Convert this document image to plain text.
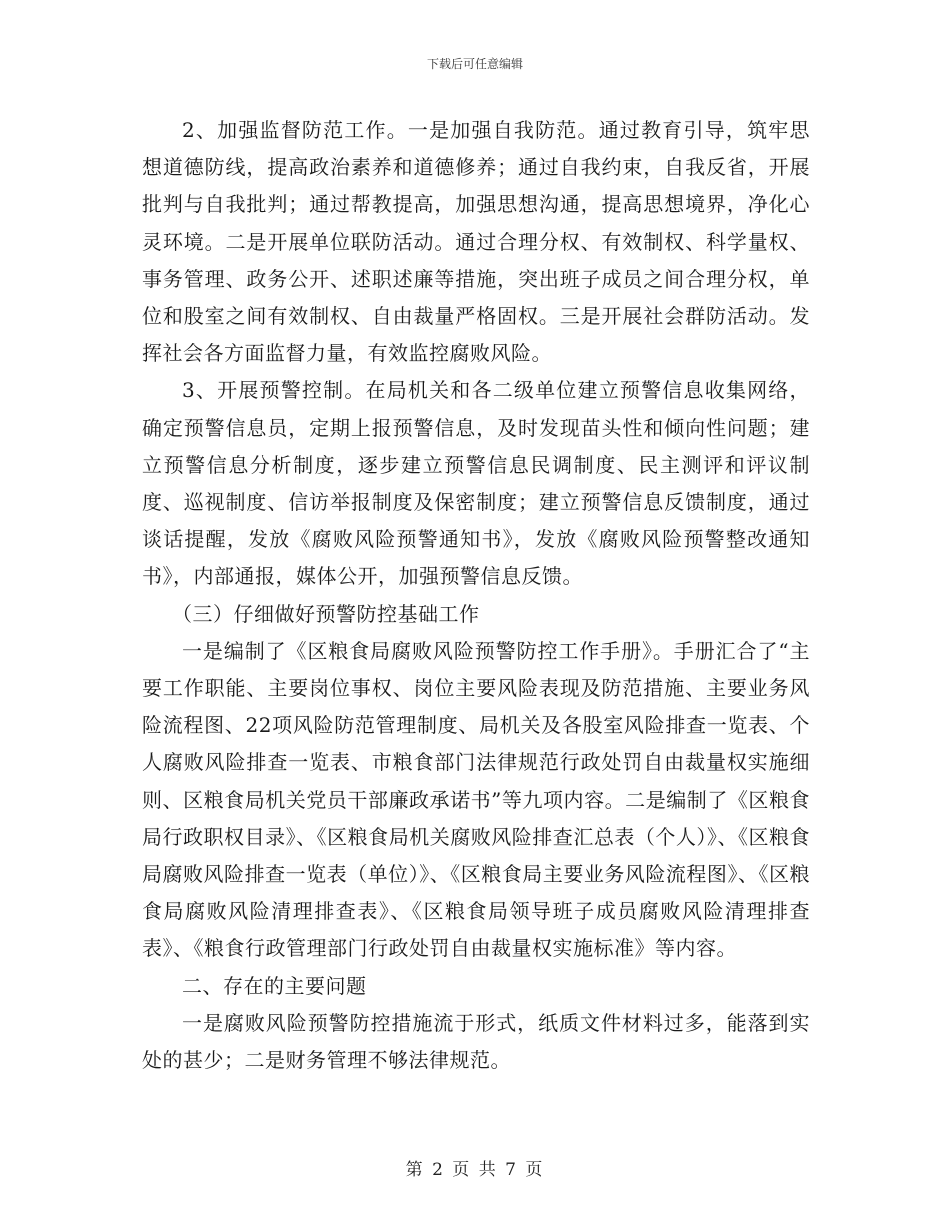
下载后可任意编辑

2、加强监督防范工作。一是加强自我防范。通过教育引导，筑牢思想道德防线，提高政治素养和道德修养；通过自我约束，自我反省，开展批判与自我批判；通过帮教提高，加强思想沟通，提高思想境界，净化心灵环境。二是开展单位联防活动。通过合理分权、有效制权、科学量权、事务管理、政务公开、述职述廉等措施，突出班子成员之间合理分权，单位和股室之间有效制权、自由裁量严格固权。三是开展社会群防活动。发挥社会各方面监督力量，有效监控腐败风险。

3、开展预警控制。在局机关和各二级单位建立预警信息收集网络，确定预警信息员，定期上报预警信息，及时发现苗头性和倾向性问题；建立预警信息分析制度，逐步建立预警信息民调制度、民主测评和评议制度、巡视制度、信访举报制度及保密制度；建立预警信息反馈制度，通过谈话提醒，发放《腐败风险预警通知书》，发放《腐败风险预警整改通知书》，内部通报，媒体公开，加强预警信息反馈。

（三）仔细做好预警防控基础工作

一是编制了《区粮食局腐败风险预警防控工作手册》。手册汇合了“主要工作职能、主要岗位事权、岗位主要风险表现及防范措施、主要业务风险流程图、22项风险防范管理制度、局机关及各股室风险排查一览表、个人腐败风险排查一览表、市粮食部门法律规范行政处罚自由裁量权实施细则、区粮食局机关党员干部廉政承诺书”等九项内容。二是编制了《区粮食局行政职权目录》、《区粮食局机关腐败风险排查汇总表（个人）》、《区粮食局腐败风险排查一览表（单位）》、《区粮食局主要业务风险流程图》、《区粮食局腐败风险清理排查表》、《区粮食局领导班子成员腐败风险清理排查表》、《粮食行政管理部门行政处罚自由裁量权实施标准》等内容。

二、存在的主要问题

一是腐败风险预警防控措施流于形式，纸质文件材料过多，能落到实处的甚少；二是财务管理不够法律规范。

第 2 页 共 7 页
